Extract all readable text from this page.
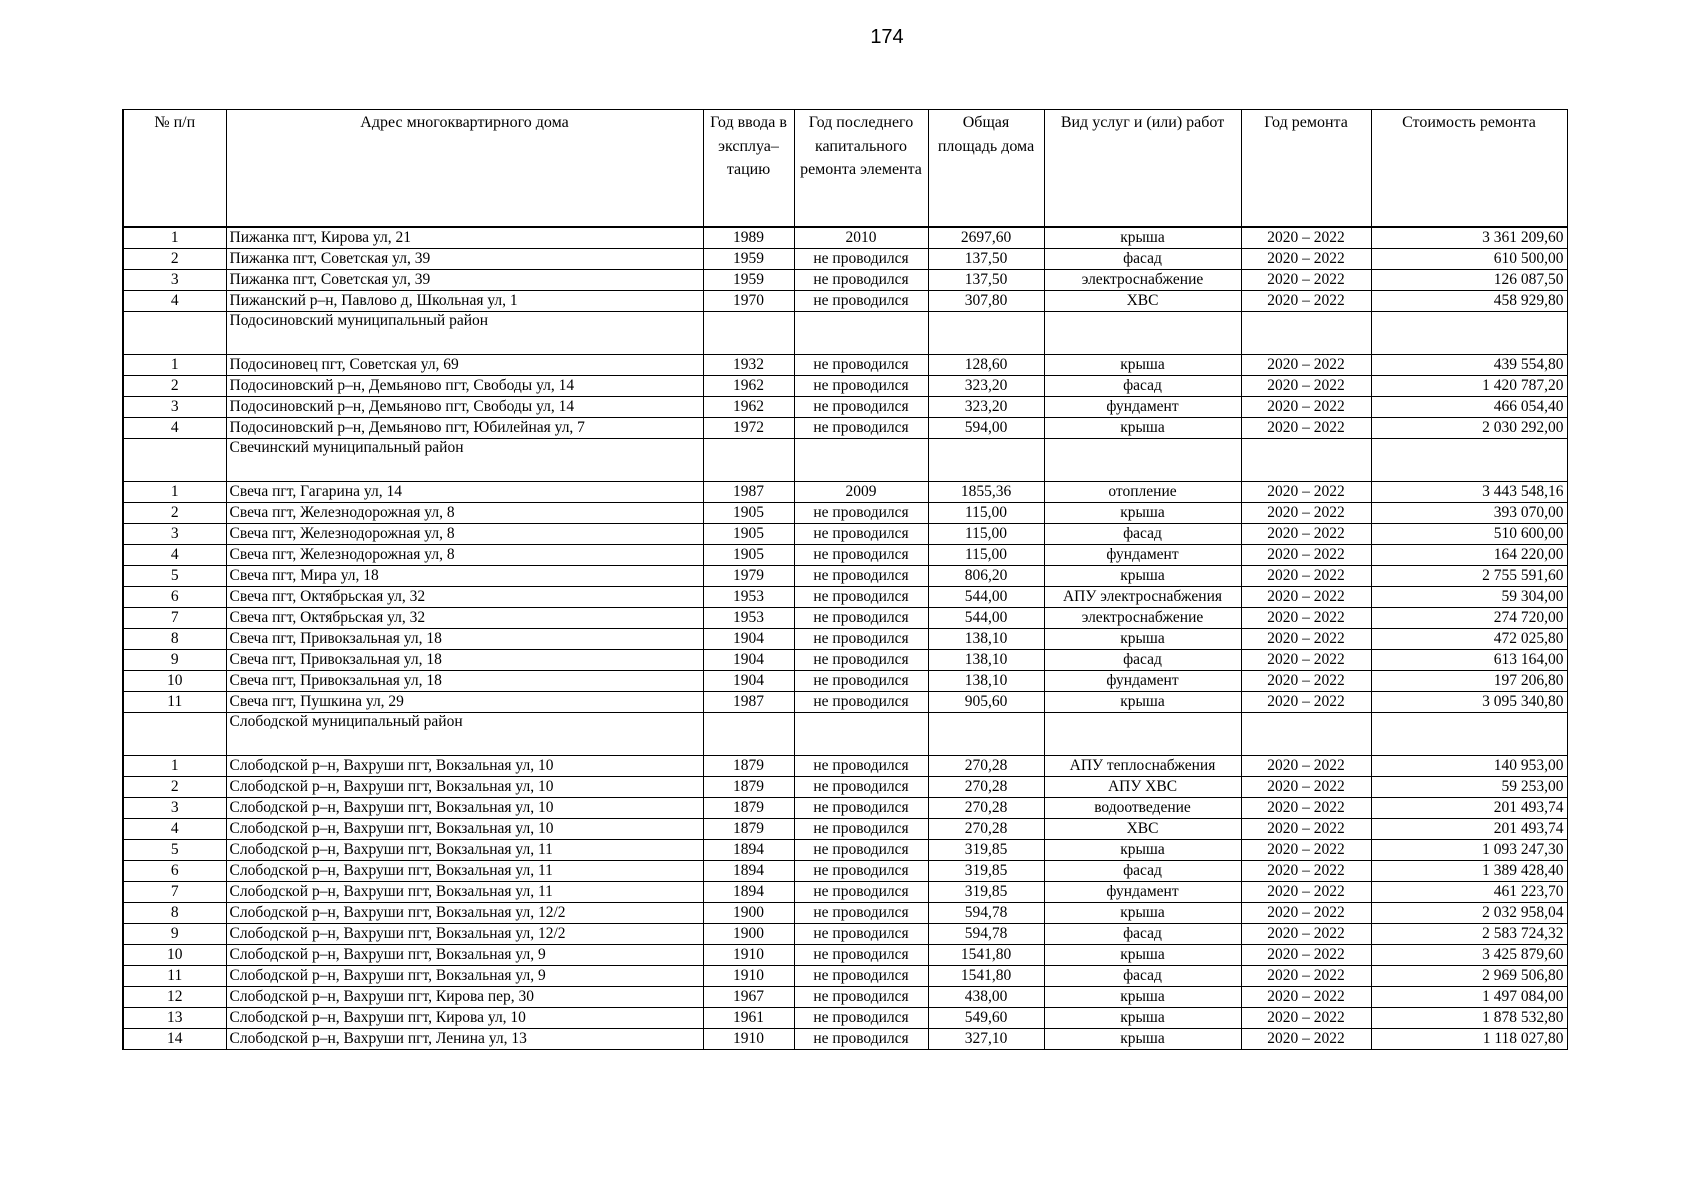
174
№ п/п	Адрес многоквартирного дома	Год ввода в эксплуа– тацию	Год последнего капитального ремонта элемента	Общая площадь дома	Вид услуг и (или) работ	Год ремонта	Стоимость ремонта
1	Пижанка пгт, Кирова ул, 21	1989	2010	2697,60	крыша	2020 – 2022	3 361 209,60
2	Пижанка пгт, Советская ул, 39	1959	не проводился	137,50	фасад	2020 – 2022	610 500,00
3	Пижанка пгт, Советская ул, 39	1959	не проводился	137,50	электроснабжение	2020 – 2022	126 087,50
4	Пижанский р–н, Павлово д, Школьная ул, 1	1970	не проводился	307,80	ХВС	2020 – 2022	458 929,80
	Подосиновский муниципальный район						
1	Подосиновец пгт, Советская ул, 69	1932	не проводился	128,60	крыша	2020 – 2022	439 554,80
2	Подосиновский р–н, Демьяново пгт, Свободы ул, 14	1962	не проводился	323,20	фасад	2020 – 2022	1 420 787,20
3	Подосиновский р–н, Демьяново пгт, Свободы ул, 14	1962	не проводился	323,20	фундамент	2020 – 2022	466 054,40
4	Подосиновский р–н, Демьяново пгт, Юбилейная ул, 7	1972	не проводился	594,00	крыша	2020 – 2022	2 030 292,00
	Свечинский муниципальный район						
1	Свеча пгт, Гагарина ул, 14	1987	2009	1855,36	отопление	2020 – 2022	3 443 548,16
2	Свеча пгт, Железнодорожная ул, 8	1905	не проводился	115,00	крыша	2020 – 2022	393 070,00
3	Свеча пгт, Железнодорожная ул, 8	1905	не проводился	115,00	фасад	2020 – 2022	510 600,00
4	Свеча пгт, Железнодорожная ул, 8	1905	не проводился	115,00	фундамент	2020 – 2022	164 220,00
5	Свеча пгт, Мира ул, 18	1979	не проводился	806,20	крыша	2020 – 2022	2 755 591,60
6	Свеча пгт, Октябрьская ул, 32	1953	не проводился	544,00	АПУ электроснабжения	2020 – 2022	59 304,00
7	Свеча пгт, Октябрьская ул, 32	1953	не проводился	544,00	электроснабжение	2020 – 2022	274 720,00
8	Свеча пгт, Привокзальная ул, 18	1904	не проводился	138,10	крыша	2020 – 2022	472 025,80
9	Свеча пгт, Привокзальная ул, 18	1904	не проводился	138,10	фасад	2020 – 2022	613 164,00
10	Свеча пгт, Привокзальная ул, 18	1904	не проводился	138,10	фундамент	2020 – 2022	197 206,80
11	Свеча пгт, Пушкина ул, 29	1987	не проводился	905,60	крыша	2020 – 2022	3 095 340,80
	Слободской муниципальный район						
1	Слободской р–н, Вахруши пгт, Вокзальная ул, 10	1879	не проводился	270,28	АПУ теплоснабжения	2020 – 2022	140 953,00
2	Слободской р–н, Вахруши пгт, Вокзальная ул, 10	1879	не проводился	270,28	АПУ ХВС	2020 – 2022	59 253,00
3	Слободской р–н, Вахруши пгт, Вокзальная ул, 10	1879	не проводился	270,28	водоотведение	2020 – 2022	201 493,74
4	Слободской р–н, Вахруши пгт, Вокзальная ул, 10	1879	не проводился	270,28	ХВС	2020 – 2022	201 493,74
5	Слободской р–н, Вахруши пгт, Вокзальная ул, 11	1894	не проводился	319,85	крыша	2020 – 2022	1 093 247,30
6	Слободской р–н, Вахруши пгт, Вокзальная ул, 11	1894	не проводился	319,85	фасад	2020 – 2022	1 389 428,40
7	Слободской р–н, Вахруши пгт, Вокзальная ул, 11	1894	не проводился	319,85	фундамент	2020 – 2022	461 223,70
8	Слободской р–н, Вахруши пгт, Вокзальная ул, 12/2	1900	не проводился	594,78	крыша	2020 – 2022	2 032 958,04
9	Слободской р–н, Вахруши пгт, Вокзальная ул, 12/2	1900	не проводился	594,78	фасад	2020 – 2022	2 583 724,32
10	Слободской р–н, Вахруши пгт, Вокзальная ул, 9	1910	не проводился	1541,80	крыша	2020 – 2022	3 425 879,60
11	Слободской р–н, Вахруши пгт, Вокзальная ул, 9	1910	не проводился	1541,80	фасад	2020 – 2022	2 969 506,80
12	Слободской р–н, Вахруши пгт, Кирова пер, 30	1967	не проводился	438,00	крыша	2020 – 2022	1 497 084,00
13	Слободской р–н, Вахруши пгт, Кирова ул, 10	1961	не проводился	549,60	крыша	2020 – 2022	1 878 532,80
14	Слободской р–н, Вахруши пгт, Ленина ул, 13	1910	не проводился	327,10	крыша	2020 – 2022	1 118 027,80
